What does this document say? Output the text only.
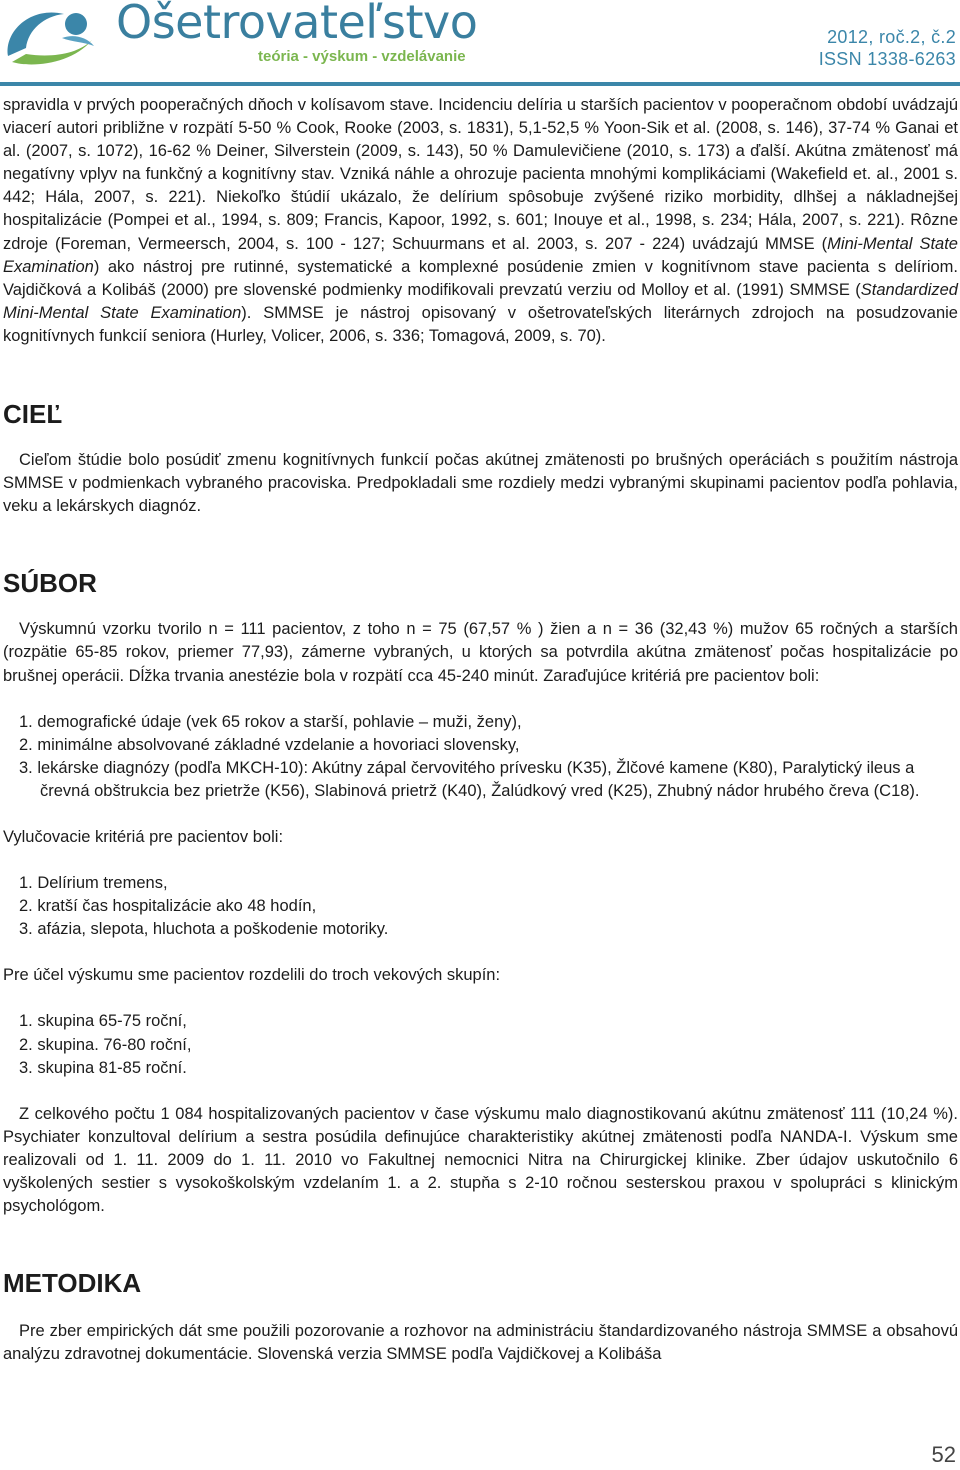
Ošetrovateľstvo
teória - výskum - vzdelávanie
2012, roč.2, č.2
ISSN 1338-6263

spravidla v prvých pooperačných dňoch v kolísavom stave. Incidenciu delíria u starších pacientov v pooperačnom období uvádzajú viacerí autori približne v rozpätí 5-50 % Cook, Rooke (2003, s. 1831), 5,1-52,5 % Yoon-Sik et al. (2008, s. 146), 37-74 % Ganai et al. (2007, s. 1072), 16-62 % Deiner, Silverstein (2009, s. 143), 50 % Damulevičiene (2010, s. 173) a ďalší. Akútna zmätenosť má negatívny vplyv na funkčný a kognitívny stav. Vzniká náhle a ohrozuje pacienta mnohými komplikáciami (Wakefield et. al., 2001 s. 442; Hála, 2007, s. 221). Niekoľko štúdií ukázalo, že delírium spôsobuje zvýšené riziko morbidity, dlhšej a nákladnejšej hospitalizácie (Pompei et al., 1994, s. 809; Francis, Kapoor, 1992, s. 601; Inouye et al., 1998, s. 234; Hála, 2007, s. 221). Rôzne zdroje (Foreman, Vermeersch, 2004, s. 100 - 127; Schuurmans et al. 2003, s. 207 - 224) uvádzajú MMSE (Mini-Mental State Examination) ako nástroj pre rutinné, systematické a komplexné posúdenie zmien v kognitívnom stave pacienta s delíriom. Vajdičková a Kolibáš (2000) pre slovenské podmienky modifikovali prevzatú verziu od Molloy et al. (1991) SMMSE (Standardized Mini-Mental State Examination). SMMSE je nástroj opisovaný v ošetrovateľských literárnych zdrojoch na posudzovanie kognitívnych funkcií seniora (Hurley, Volicer, 2006, s. 336; Tomagová, 2009, s. 70).

CIEĽ

Cieľom štúdie bolo posúdiť zmenu kognitívnych funkcií počas akútnej zmätenosti po brušných operáciách s použitím nástroja SMMSE v podmienkach vybraného pracoviska. Predpokladali sme rozdiely medzi vybranými skupinami pacientov podľa pohlavia, veku a lekárskych diagnóz.

SÚBOR

Výskumnú vzorku tvorilo n = 111 pacientov, z toho n = 75 (67,57 % ) žien a n = 36 (32,43 %) mužov 65 ročných a starších (rozpätie 65-85 rokov, priemer 77,93), zámerne vybraných, u ktorých sa potvrdila akútna zmätenosť počas hospitalizácie po brušnej operácii. Dĺžka trvania anestézie bola v rozpätí cca 45-240 minút. Zaraďujúce kritériá pre pacientov boli:

1. demografické údaje (vek 65 rokov a starší, pohlavie – muži, ženy),
2. minimálne absolvované základné vzdelanie a hovoriaci slovensky,
3. lekárske diagnózy (podľa MKCH-10): Akútny zápal červovitého prívesku (K35), Žlčové kamene (K80), Paralytický ileus a črevná obštrukcia bez prietrže (K56), Slabinová prietrž (K40), Žalúdkový vred (K25), Zhubný nádor hrubého čreva (C18).

Vylučovacie kritériá pre pacientov boli:

1. Delírium tremens,
2. kratší čas hospitalizácie ako 48 hodín,
3. afázia, slepota, hluchota a poškodenie motoriky.

Pre účel výskumu sme pacientov rozdelili do troch vekových skupín:

1. skupina 65-75 roční,
2. skupina. 76-80 roční,
3. skupina 81-85 roční.

Z celkového počtu 1 084 hospitalizovaných pacientov v čase výskumu malo diagnostikovanú akútnu zmätenosť 111 (10,24 %). Psychiater konzultoval delírium a sestra posúdila definujúce charakteristiky akútnej zmätenosti podľa NANDA-I. Výskum sme realizovali od 1. 11. 2009 do 1. 11. 2010 vo Fakultnej nemocnici Nitra na Chirurgickej klinike. Zber údajov uskutočnilo 6 vyškolených sestier s vysokoškolským vzdelaním 1. a 2. stupňa s 2-10 ročnou sesterskou praxou v spolupráci s klinickým psychológom.

METODIKA

Pre zber empirických dát sme použili pozorovanie a rozhovor na administráciu štandardizovaného nástroja SMMSE a obsahovú analýzu zdravotnej dokumentácie. Slovenská verzia SMMSE podľa Vajdičkovej a Kolibáša

52
